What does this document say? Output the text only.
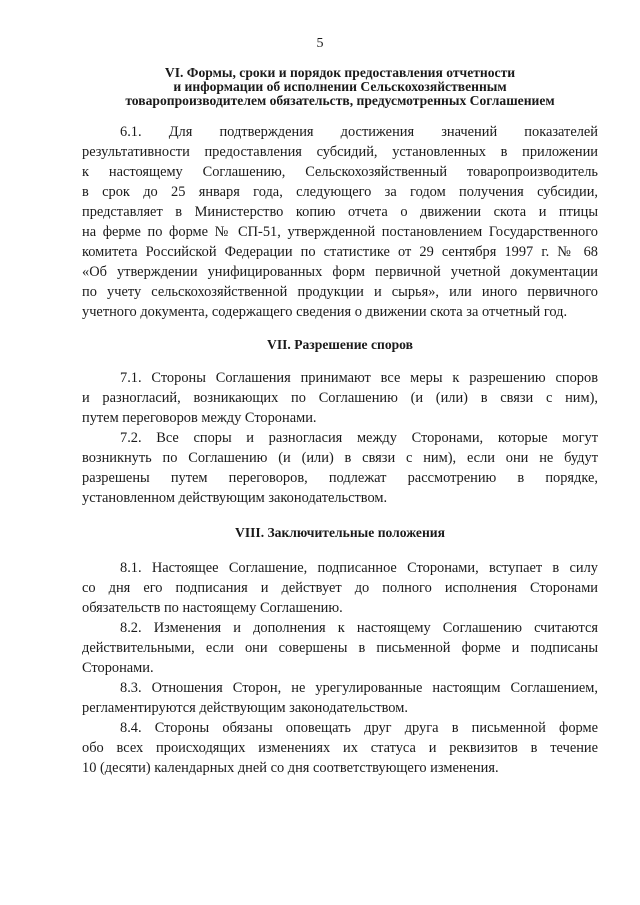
5
VI. Формы, сроки и порядок предоставления отчетности
и информации об исполнении Сельскохозяйственным
товаропроизводителем обязательств, предусмотренных Соглашением
6.1. Для подтверждения достижения значений показателей
результативности предоставления субсидий, установленных в приложении
к настоящему Соглашению, Сельскохозяйственный товаропроизводитель
в срок до 25 января года, следующего за годом получения субсидии,
представляет в Министерство копию отчета о движении скота и птицы
на ферме по форме № СП-51, утвержденной постановлением Государственного
комитета Российской Федерации по статистике от 29 сентября 1997 г. № 68
«Об утверждении унифицированных форм первичной учетной документации
по учету сельскохозяйственной продукции и сырья», или иного первичного
учетного документа, содержащего сведения о движении скота за отчетный год.
VII. Разрешение споров
7.1. Стороны Соглашения принимают все меры к разрешению споров
и разногласий, возникающих по Соглашению (и (или) в связи с ним),
путем переговоров между Сторонами.
7.2. Все споры и разногласия между Сторонами, которые могут
возникнуть по Соглашению (и (или) в связи с ним), если они не будут
разрешены путем переговоров, подлежат рассмотрению в порядке,
установленном действующим законодательством.
VIII. Заключительные положения
8.1. Настоящее Соглашение, подписанное Сторонами, вступает в силу
со дня его подписания и действует до полного исполнения Сторонами
обязательств по настоящему Соглашению.
8.2. Изменения и дополнения к настоящему Соглашению считаются
действительными, если они совершены в письменной форме и подписаны
Сторонами.
8.3. Отношения Сторон, не урегулированные настоящим Соглашением,
регламентируются действующим законодательством.
8.4. Стороны обязаны оповещать друг друга в письменной форме
обо всех происходящих изменениях их статуса и реквизитов в течение
10 (десяти) календарных дней со дня соответствующего изменения.
